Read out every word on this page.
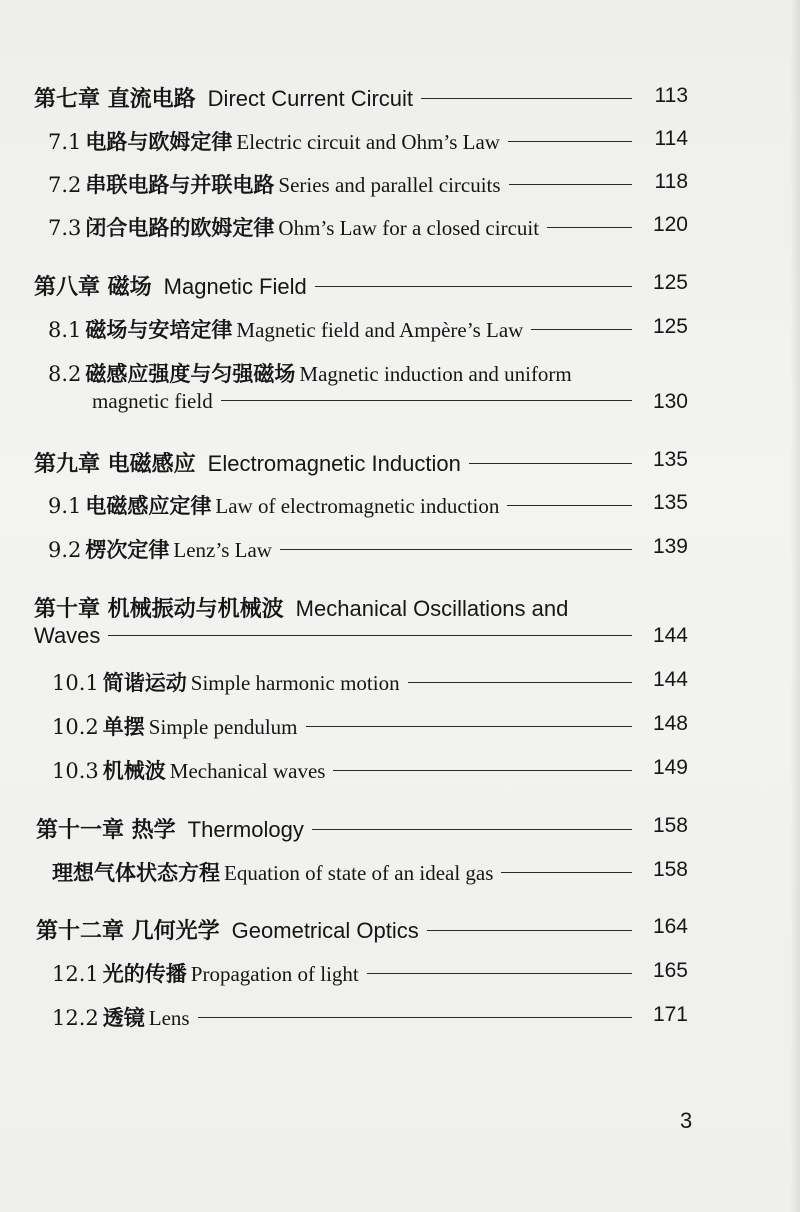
第七章 直流电路 Direct Current Circuit	113
7.1 电路与欧姆定律 Electric circuit and Ohm’s Law	114
7.2 串联电路与并联电路 Series and parallel circuits	118
7.3 闭合电路的欧姆定律 Ohm’s Law for a closed circuit	120
第八章 磁场 Magnetic Field	125
8.1 磁场与安培定律 Magnetic field and Ampère’s Law	125
8.2 磁感应强度与匀强磁场 Magnetic induction and uniform
magnetic field	130
第九章 电磁感应 Electromagnetic Induction	135
9.1 电磁感应定律 Law of electromagnetic induction	135
9.2 楞次定律 Lenz’s Law	139
第十章 机械振动与机械波 Mechanical Oscillations and
Waves	144
10.1 简谐运动 Simple harmonic motion	144
10.2 单摆 Simple pendulum	148
10.3 机械波 Mechanical waves	149
第十一章 热学 Thermology	158
理想气体状态方程 Equation of state of an ideal gas	158
第十二章 几何光学 Geometrical Optics	164
12.1 光的传播 Propagation of light	165
12.2 透镜 Lens	171
3
